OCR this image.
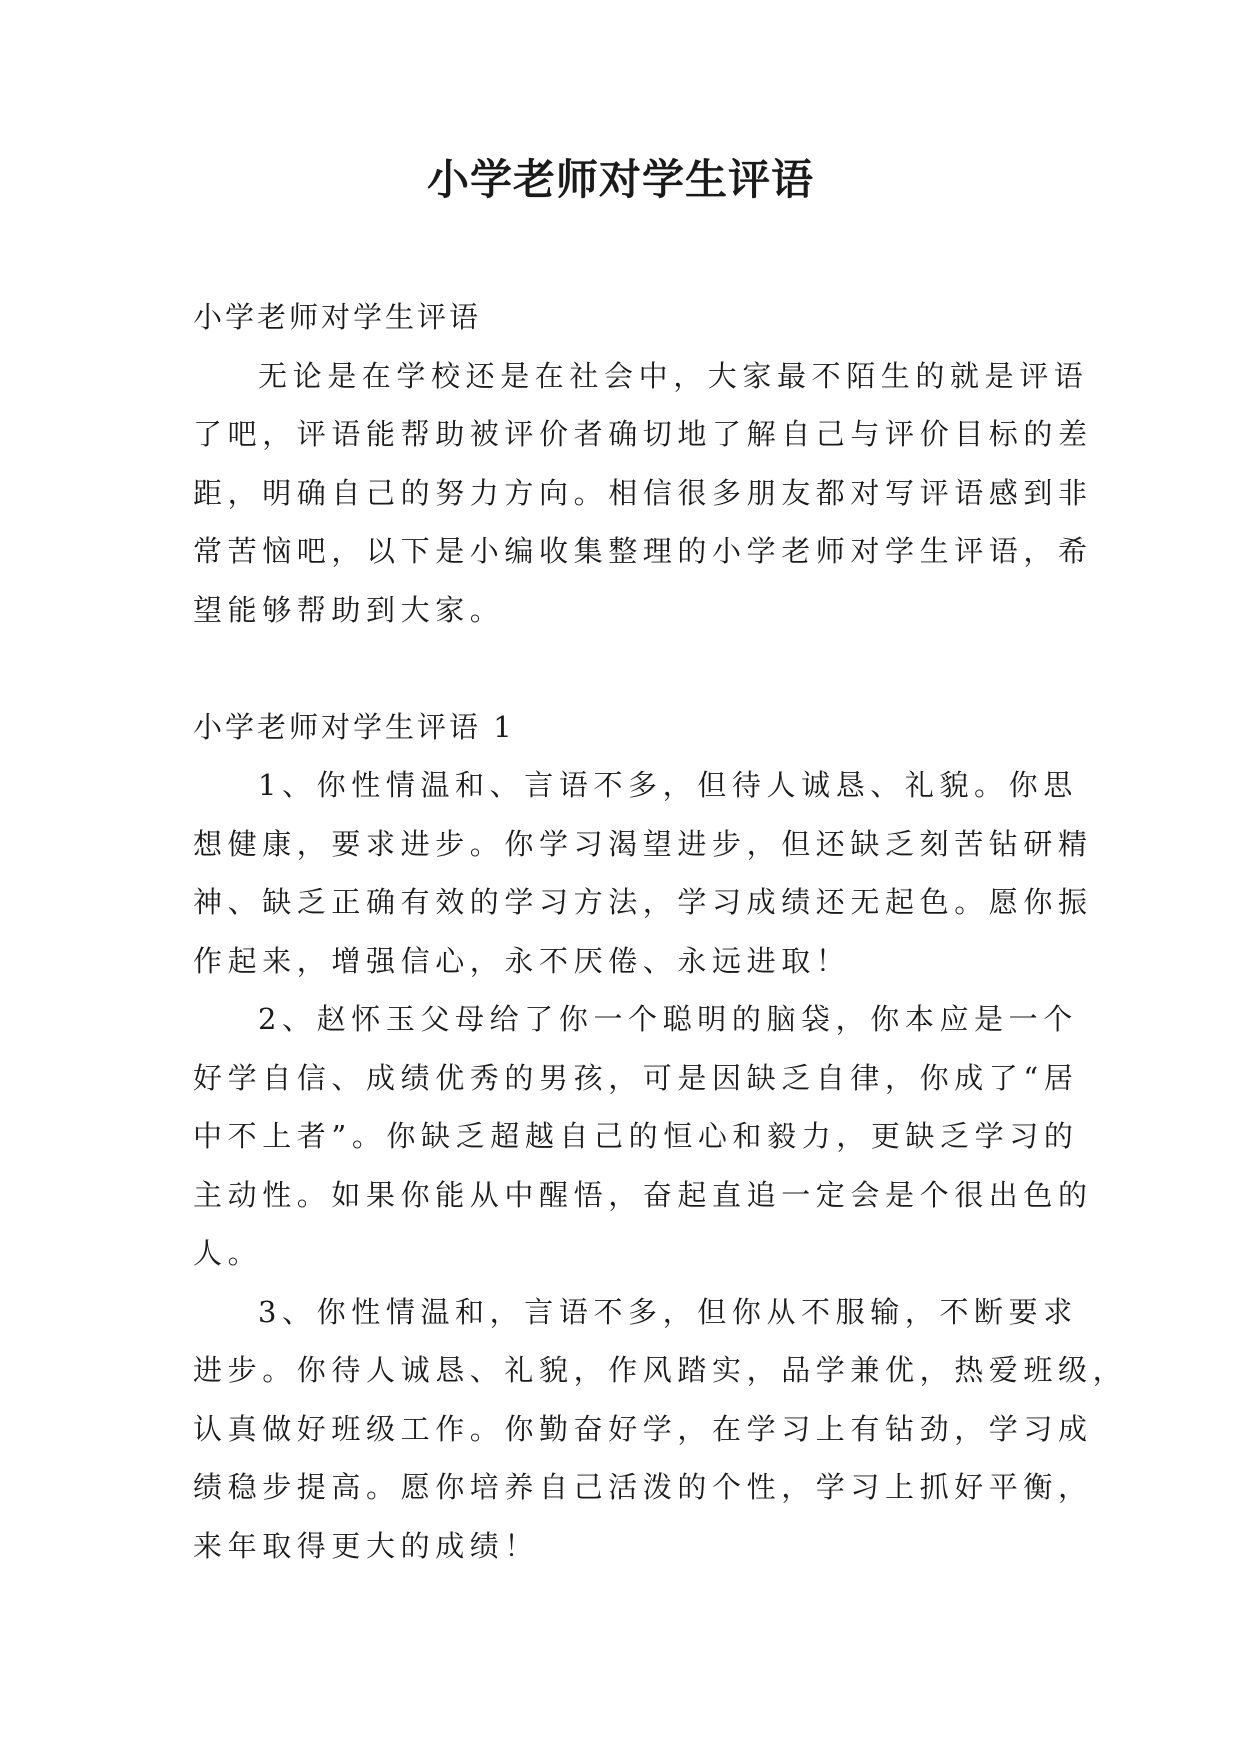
小学老师对学生评语
小学老师对学生评语
无论是在学校还是在社会中，大家最不陌生的就是评语
了吧，评语能帮助被评价者确切地了解自己与评价目标的差
距，明确自己的努力方向。相信很多朋友都对写评语感到非
常苦恼吧，以下是小编收集整理的小学老师对学生评语，希
望能够帮助到大家。
小学老师对学生评语 1
1、你性情温和、言语不多，但待人诚恳、礼貌。你思
想健康，要求进步。你学习渴望进步，但还缺乏刻苦钻研精
神、缺乏正确有效的学习方法，学习成绩还无起色。愿你振
作起来，增强信心，永不厌倦、永远进取！
2、赵怀玉父母给了你一个聪明的脑袋，你本应是一个
好学自信、成绩优秀的男孩，可是因缺乏自律，你成了“居
中不上者”。你缺乏超越自己的恒心和毅力，更缺乏学习的
主动性。如果你能从中醒悟，奋起直追一定会是个很出色的
人。
3、你性情温和，言语不多，但你从不服输，不断要求
进步。你待人诚恳、礼貌，作风踏实，品学兼优，热爱班级，
认真做好班级工作。你勤奋好学，在学习上有钻劲，学习成
绩稳步提高。愿你培养自己活泼的个性，学习上抓好平衡，
来年取得更大的成绩！
